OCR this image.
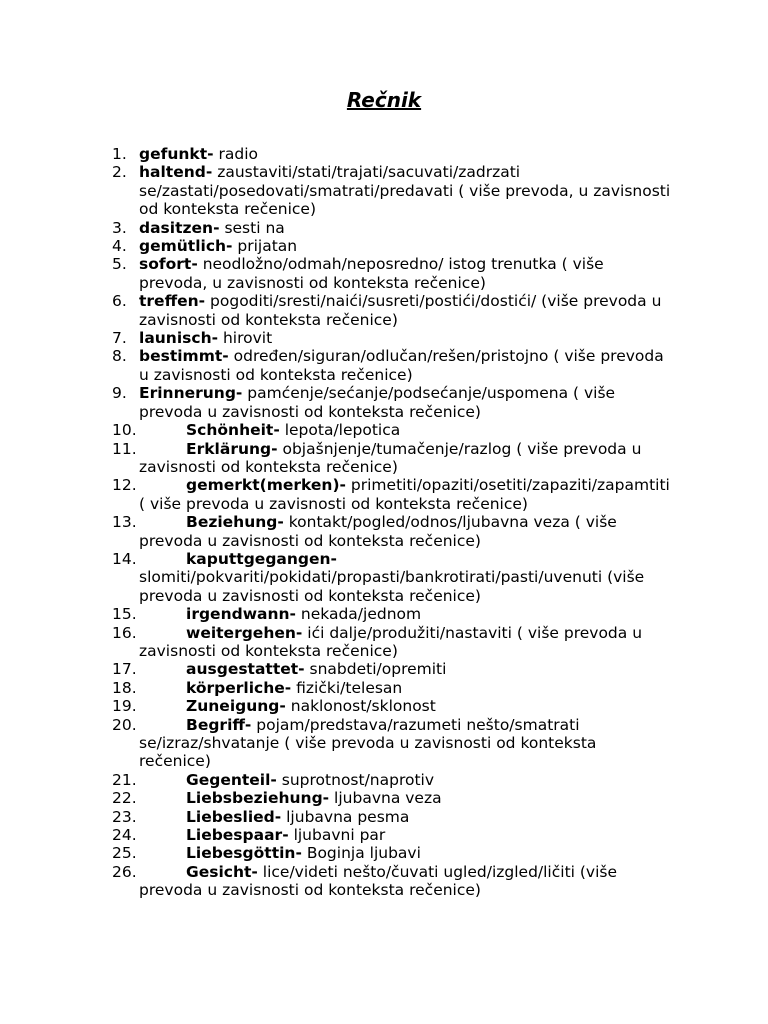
Rečnik
1. gefunkt- radio
2. haltend- zaustaviti/stati/trajati/sacuvati/zadrzati se/zastati/posedovati/smatrati/predavati ( više prevoda, u zavisnosti od konteksta rečenice)
3. dasitzen- sesti na
4. gemütlich- prijatan
5. sofort- neodložno/odmah/neposredno/ istog trenutka ( više prevoda, u zavisnosti od konteksta rečenice)
6. treffen- pogoditi/sresti/naići/susreti/postići/dostići/ (više prevoda u zavisnosti od konteksta rečenice)
7. launisch- hirovit
8. bestimmt- određen/siguran/odlučan/rešen/pristojno ( više prevoda u zavisnosti od konteksta rečenice)
9. Erinnerung- pamćenje/sećanje/podsećanje/uspomena ( više prevoda u zavisnosti od konteksta rečenice)
10.	Schönheit- lepota/lepotica
11.	Erklärung- objašnjenje/tumačenje/razlog ( više prevoda u zavisnosti od konteksta rečenice)
12.	gemerkt(merken)- primetiti/opaziti/osetiti/zapaziti/zapamtiti ( više prevoda u zavisnosti od konteksta rečenice)
13.	Beziehung- kontakt/pogled/odnos/ljubavna veza ( više prevoda u zavisnosti od konteksta rečenice)
14.	kaputtgegangen- slomiti/pokvariti/pokidati/propasti/bankrotirati/pasti/uvenuti (više prevoda u zavisnosti od konteksta rečenice)
15.	irgendwann- nekada/jednom
16.	weitergehen- ići dalje/produžiti/nastaviti ( više prevoda u zavisnosti od konteksta rečenice)
17.	ausgestattet- snabdeti/opremiti
18.	körperliche- fizički/telesan
19.	Zuneigung- naklonost/sklonost
20.	Begriff- pojam/predstava/razumeti nešto/smatrati se/izraz/shvatanje ( više prevoda u zavisnosti od konteksta rečenice)
21.	Gegenteil- suprotnost/naprotiv
22.	Liebsbeziehung- ljubavna veza
23.	Liebeslied- ljubavna pesma
24.	Liebespaar- ljubavni par
25.	Liebesgöttin- Boginja ljubavi
26.	Gesicht- lice/videti nešto/čuvati ugled/izgled/ličiti (više prevoda u zavisnosti od konteksta rečenice)
